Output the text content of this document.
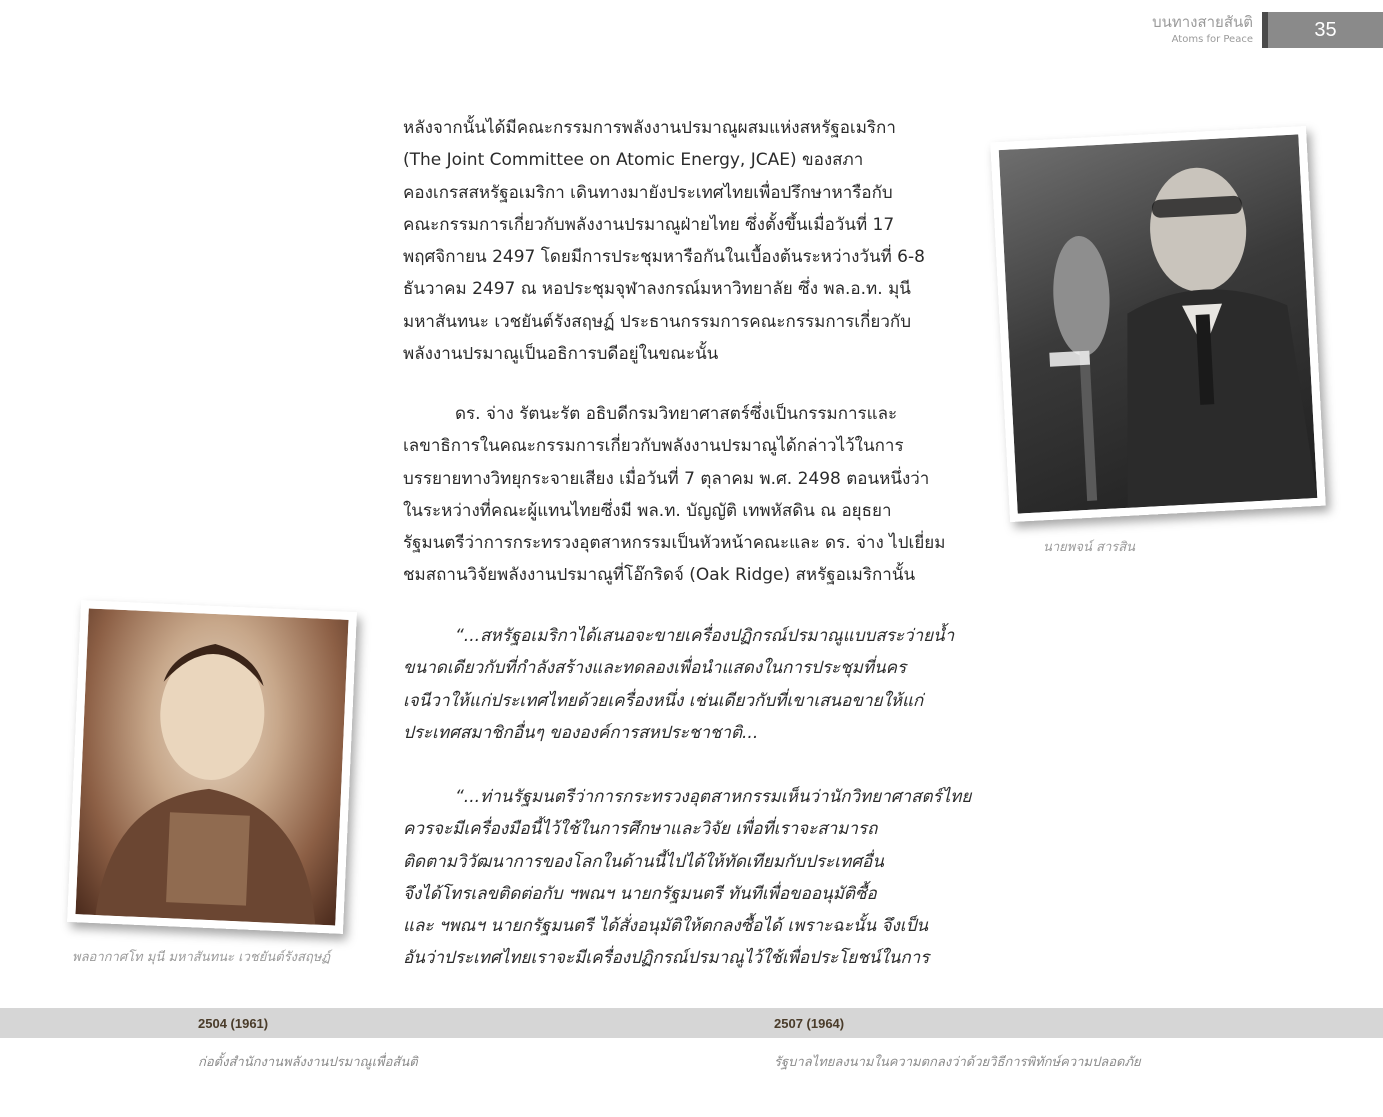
บนทางสายสันติ
Atoms for Peace	35
หลังจากนั้นได้มีคณะกรรมการพลังงานปรมาณูผสมแห่งสหรัฐอเมริกา
(The Joint Committee on Atomic Energy, JCAE) ของสภา
คองเกรสสหรัฐอเมริกา เดินทางมายังประเทศไทยเพื่อปรึกษาหารือกับ
คณะกรรมการเกี่ยวกับพลังงานปรมาณูฝ่ายไทย ซึ่งตั้งขึ้นเมื่อวันที่ 17
พฤศจิกายน 2497 โดยมีการประชุมหารือกันในเบื้องต้นระหว่างวันที่ 6-8
ธันวาคม 2497 ณ หอประชุมจุฬาลงกรณ์มหาวิทยาลัย ซึ่ง พล.อ.ท. มุนี
มหาสันทนะ เวชยันต์รังสฤษฏ์ ประธานกรรมการคณะกรรมการเกี่ยวกับ
พลังงานปรมาณูเป็นอธิการบดีอยู่ในขณะนั้น
ดร. จ่าง รัตนะรัต อธิบดีกรมวิทยาศาสตร์ซึ่งเป็นกรรมการและ
เลขาธิการในคณะกรรมการเกี่ยวกับพลังงานปรมาณูได้กล่าวไว้ในการ
บรรยายทางวิทยุกระจายเสียง เมื่อวันที่ 7 ตุลาคม พ.ศ. 2498 ตอนหนึ่งว่า
ในระหว่างที่คณะผู้แทนไทยซึ่งมี พล.ท. บัญญัติ เทพหัสดิน ณ อยุธยา
รัฐมนตรีว่าการกระทรวงอุตสาหกรรมเป็นหัวหน้าคณะและ ดร. จ่าง ไปเยี่ยม
ชมสถานวิจัยพลังงานปรมาณูที่โอ๊กริดจ์ (Oak Ridge) สหรัฐอเมริกานั้น
“...สหรัฐอเมริกาได้เสนอจะขายเครื่องปฏิกรณ์ปรมาณูแบบสระว่ายน้ำ
ขนาดเดียวกับที่กำลังสร้างและทดลองเพื่อนำแสดงในการประชุมที่นคร
เจนีวาให้แก่ประเทศไทยด้วยเครื่องหนึ่ง เช่นเดียวกับที่เขาเสนอขายให้แก่
ประเทศสมาชิกอื่นๆ ขององค์การสหประชาชาติ...
“...ท่านรัฐมนตรีว่าการกระทรวงอุตสาหกรรมเห็นว่านักวิทยาศาสตร์ไทย
ควรจะมีเครื่องมือนี้ไว้ใช้ในการศึกษาและวิจัย เพื่อที่เราจะสามารถ
ติดตามวิวัฒนาการของโลกในด้านนี้ไปได้ให้ทัดเทียมกับประเทศอื่น
จึงได้โทรเลขติดต่อกับ ฯพณฯ นายกรัฐมนตรี ทันทีเพื่อขออนุมัติซื้อ
และ ฯพณฯ นายกรัฐมนตรี ได้สั่งอนุมัติให้ตกลงซื้อได้ เพราะฉะนั้น จึงเป็น
อันว่าประเทศไทยเราจะมีเครื่องปฏิกรณ์ปรมาณูไว้ใช้เพื่อประโยชน์ในการ
นายพจน์ สารสิน
พลอากาศโท มุนี มหาสันทนะ เวชยันต์รังสฤษฏ์
2504 (1961)	2507 (1964)
ก่อตั้งสำนักงานพลังงานปรมาณูเพื่อสันติ	รัฐบาลไทยลงนามในความตกลงว่าด้วยวิธีการพิทักษ์ความปลอดภัย
